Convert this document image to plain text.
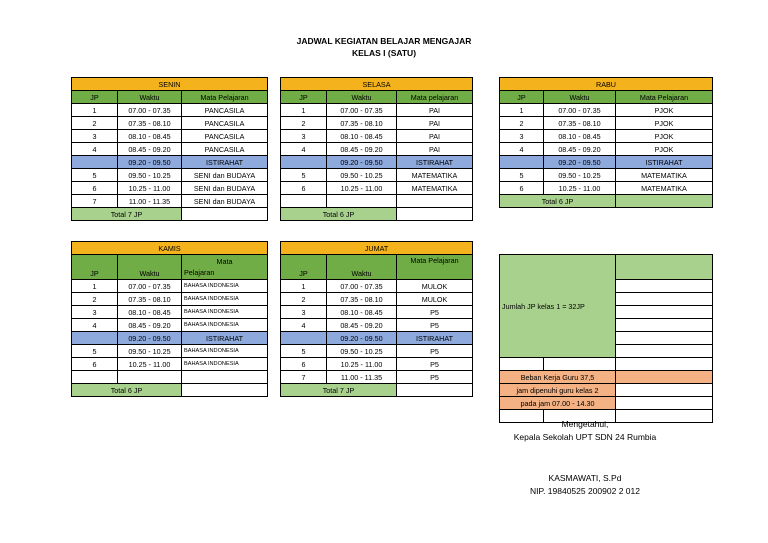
JADWAL KEGIATAN BELAJAR MENGAJAR
KELAS I (SATU)
SENIN		
JP	Waktu	Mata Pelajaran
1	07.00 - 07.35	PANCASILA
2	07.35 - 08.10	PANCASILA
3	08.10 - 08.45	PANCASILA
4	08.45 - 09.20	PANCASILA
	09.20 - 09.50	ISTIRAHAT
5	09.50 - 10.25	SENI dan BUDAYA
6	10.25 - 11.00	SENI dan BUDAYA
7	11.00 - 11.35	SENI dan BUDAYA
Total 7 JP		
SELASA		
JP	Waktu	Mata pelajaran
1	07.00 - 07.35	PAI
2	07.35 - 08.10	PAI
3	08.10 - 08.45	PAI
4	08.45 - 09.20	PAI
	09.20 - 09.50	ISTIRAHAT
5	09.50 - 10.25	MATEMATIKA
6	10.25 - 11.00	MATEMATIKA

Total 6 JP		
RABU		
JP	Waktu	Mata Pelajaran
1	07.00 - 07.35	PJOK
2	07.35 - 08.10	PJOK
3	08.10 - 08.45	PJOK
4	08.45 - 09.20	PJOK
	09.20 - 09.50	ISTIRAHAT
5	09.50 - 10.25	MATEMATIKA
6	10.25 - 11.00	MATEMATIKA
Total 6 JP		
KAMIS		
JP	Waktu	Mata
Pelajaran

1	07.00 - 07.35	BAHASA INDONESIA
2	07.35 - 08.10	BAHASA INDONESIA
3	08.10 - 08.45	BAHASA INDONESIA
4	08.45 - 09.20	BAHASA INDONESIA
	09.20 - 09.50	ISTIRAHAT
5	09.50 - 10.25	BAHASA INDONESIA
6	10.25 - 11.00	BAHASA INDONESIA

Total 6 JP		
JUMAT		
JP	Waktu	Mata Pelajaran
1	07.00 - 07.35	MULOK
2	07.35 - 08.10	MULOK
3	08.10 - 08.45	P5
4	08.45 - 09.20	P5
	09.20 - 09.50	ISTIRAHAT
5	09.50 - 10.25	P5
6	10.25 - 11.00	P5
7	11.00 - 11.35	P5
Total 7 JP		
Jumlah JP kelas 1 = 32JP		

Beban Kerja Guru 37,5		
jam dipenuhi guru kelas 2		
pada jam 07.00 - 14.30		

Mengetahui,
Kepala Sekolah UPT SDN 24 Rumbia
KASMAWATI, S.Pd
NIP. 19840525 200902 2 012
